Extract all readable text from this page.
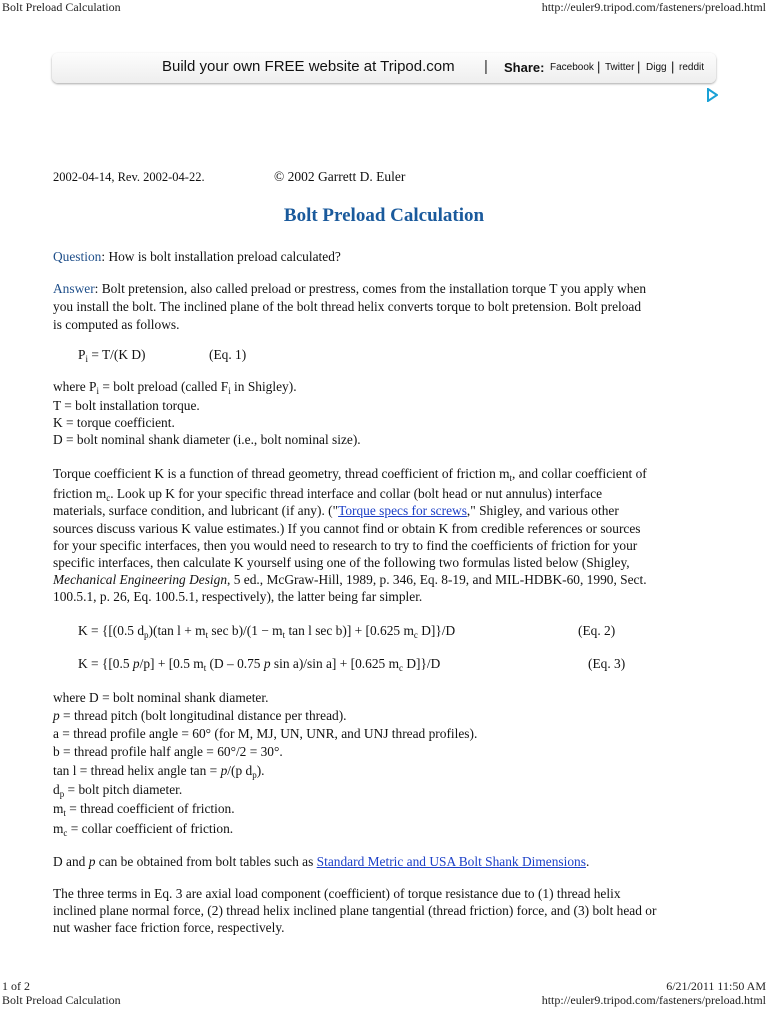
Bolt Preload Calculation	http://euler9.tripod.com/fasteners/preload.html
Build your own FREE website at Tripod.com | Share: Facebook | Twitter | Digg | reddit
2002-04-14, Rev. 2002-04-22.	© 2002 Garrett D. Euler
Bolt Preload Calculation
Question: How is bolt installation preload calculated?
Answer: Bolt pretension, also called preload or prestress, comes from the installation torque T you apply when
you install the bolt. The inclined plane of the bolt thread helix converts torque to bolt pretension. Bolt preload
is computed as follows.
$P_i = T/(K$ D)	(Eq. 1)
where $P_i$ = bolt preload (called $F_i$ in Shigley).
T = bolt installation torque.
K = torque coefficient.
D = bolt nominal shank diameter (i.e., bolt nominal size).
Torque coefficient K is a function of thread geometry, thread coefficient of friction $m_t$, and collar coefficient of
friction $m_c$. Look up K for your specific thread interface and collar (bolt head or nut annulus) interface
materials, surface condition, and lubricant (if any). ("Torque specs for screws," Shigley, and various other
sources discuss various K value estimates.) If you cannot find or obtain K from credible references or sources
for your specific interfaces, then you would need to research to try to find the coefficients of friction for your
specific interfaces, then calculate K yourself using one of the following two formulas listed below (Shigley,
Mechanical Engineering Design, 5 ed., McGraw-Hill, 1989, p. 346, Eq. 8-19, and MIL-HDBK-60, 1990, Sect.
100.5.1, p. 26, Eq. 100.5.1, respectively), the latter being far simpler.
K = {[(0.5 $d_p)(\tan$ $l + m_t$ $\sec b)/(1 - m_t$ tan l sec b)] + [0.625 $m_c$ D]}/D	(Eq. 2)
K = {[0.5 p/p] + [0.5 $m_t$ (D – 0.75 p sin a)/sin a] + [0.625 $m_c$ D]}/D	(Eq. 3)
where D = bolt nominal shank diameter.
p = thread pitch (bolt longitudinal distance per thread).
a = thread profile angle = 60° (for M, MJ, UN, UNR, and UNJ thread profiles).
b = thread profile half angle = 60°/2 = 30°.
tan l = thread helix angle tan = p/(p $d_p$).
$d_p$ = bolt pitch diameter.
$m_t$ = thread coefficient of friction.
$m_c$ = collar coefficient of friction.
D and p can be obtained from bolt tables such as Standard Metric and USA Bolt Shank Dimensions.
The three terms in Eq. 3 are axial load component (coefficient) of torque resistance due to (1) thread helix
inclined plane normal force, (2) thread helix inclined plane tangential (thread friction) force, and (3) bolt head or
nut washer face friction force, respectively.
1 of 2	6/21/2011 11:50 AM
Bolt Preload Calculation	http://euler9.tripod.com/fasteners/preload.html
